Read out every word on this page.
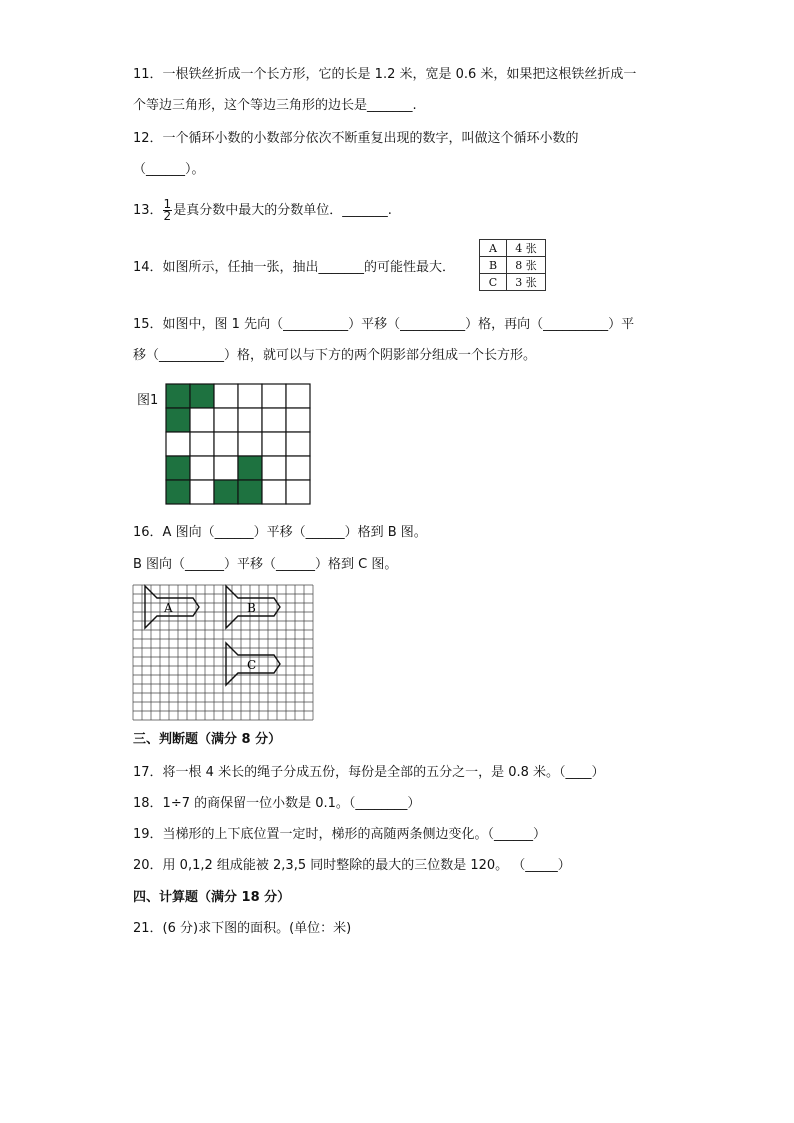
11．一根铁丝折成一个长方形，它的长是 1.2 米，宽是 0.6 米，如果把这根铁丝折成一
个等边三角形，这个等边三角形的边长是_______.
12．一个循环小数的小数部分依次不断重复出现的数字，叫做这个循环小数的
（______）。
13． $\frac{1}{2}$ 是真分数中最大的分数单位．_______.
14．如图所示，任抽一张，抽出_______的可能性最大．
A	4 张
B	8 张
C	3 张
15．如图中，图 1 先向（__________）平移（__________）格，再向（__________）平
移（__________）格，就可以与下方的两个阴影部分组成一个长方形。
图1
16．A 图向（______）平移（______）格到 B 图。
B 图向（______）平移（______）格到 C 图。
A	B
C
三、判断题（满分 8 分）
17．将一根 4 米长的绳子分成五份，每份是全部的五分之一，是 0.8 米。（____）
18．1÷7 的商保留一位小数是 0.1。（________）
19．当梯形的上下底位置一定时，梯形的高随两条侧边变化。（______）
20．用 0,1,2 组成能被 2,3,5 同时整除的最大的三位数是 120。 （_____）
四、计算题（满分 18 分）
21．(6 分)求下图的面积。(单位：米)
